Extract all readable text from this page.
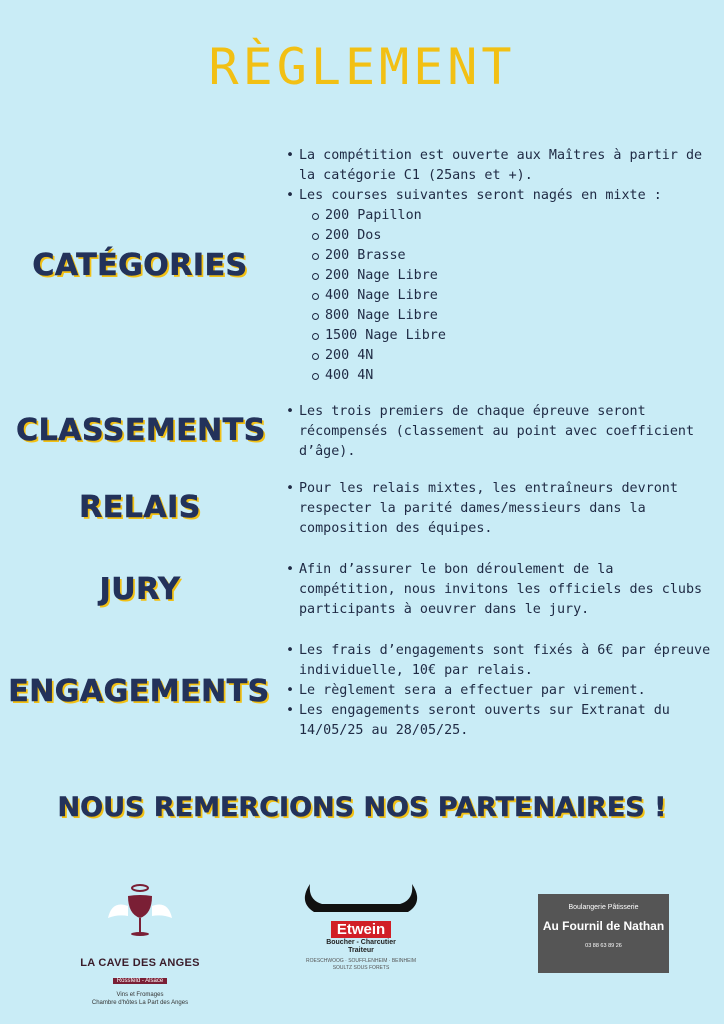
RÈGLEMENT
CATÉGORIES
• La compétition est ouverte aux Maîtres à partir de la catégorie C1 (25ans et +).
• Les courses suivantes seront nagés en mixte :
200 Papillon
200 Dos
200 Brasse
200 Nage Libre
400 Nage Libre
800 Nage Libre
1500 Nage Libre
200 4N
400 4N
CLASSEMENTS
• Les trois premiers de chaque épreuve seront récompensés (classement au point avec coefficient d’âge).
RELAIS
• Pour les relais mixtes, les entraîneurs devront respecter la parité dames/messieurs dans la composition des équipes.
JURY
• Afin d’assurer le bon déroulement de la compétition, nous invitons les officiels des clubs participants à oeuvrer dans le jury.
ENGAGEMENTS
• Les frais d’engagements sont fixés à 6€ par épreuve individuelle, 10€ par relais.
• Le règlement sera a effectuer par virement.
• Les engagements seront ouverts sur Extranat du 14/05/25 au 28/05/25.
NOUS REMERCIONS NOS PARTENAIRES !
LA CAVE DES ANGES
Rossfeld - Alsace
Vins et Fromages
Chambre d'hôtes La Part des Anges
Etwein
Boucher - Charcutier
Traiteur
ROESCHWOOG · SOUFFLENHEIM · BEINHEIM
SOULTZ SOUS FORETS
Boulangerie Pâtisserie
Au Fournil de Nathan
03 88 63 89 26
